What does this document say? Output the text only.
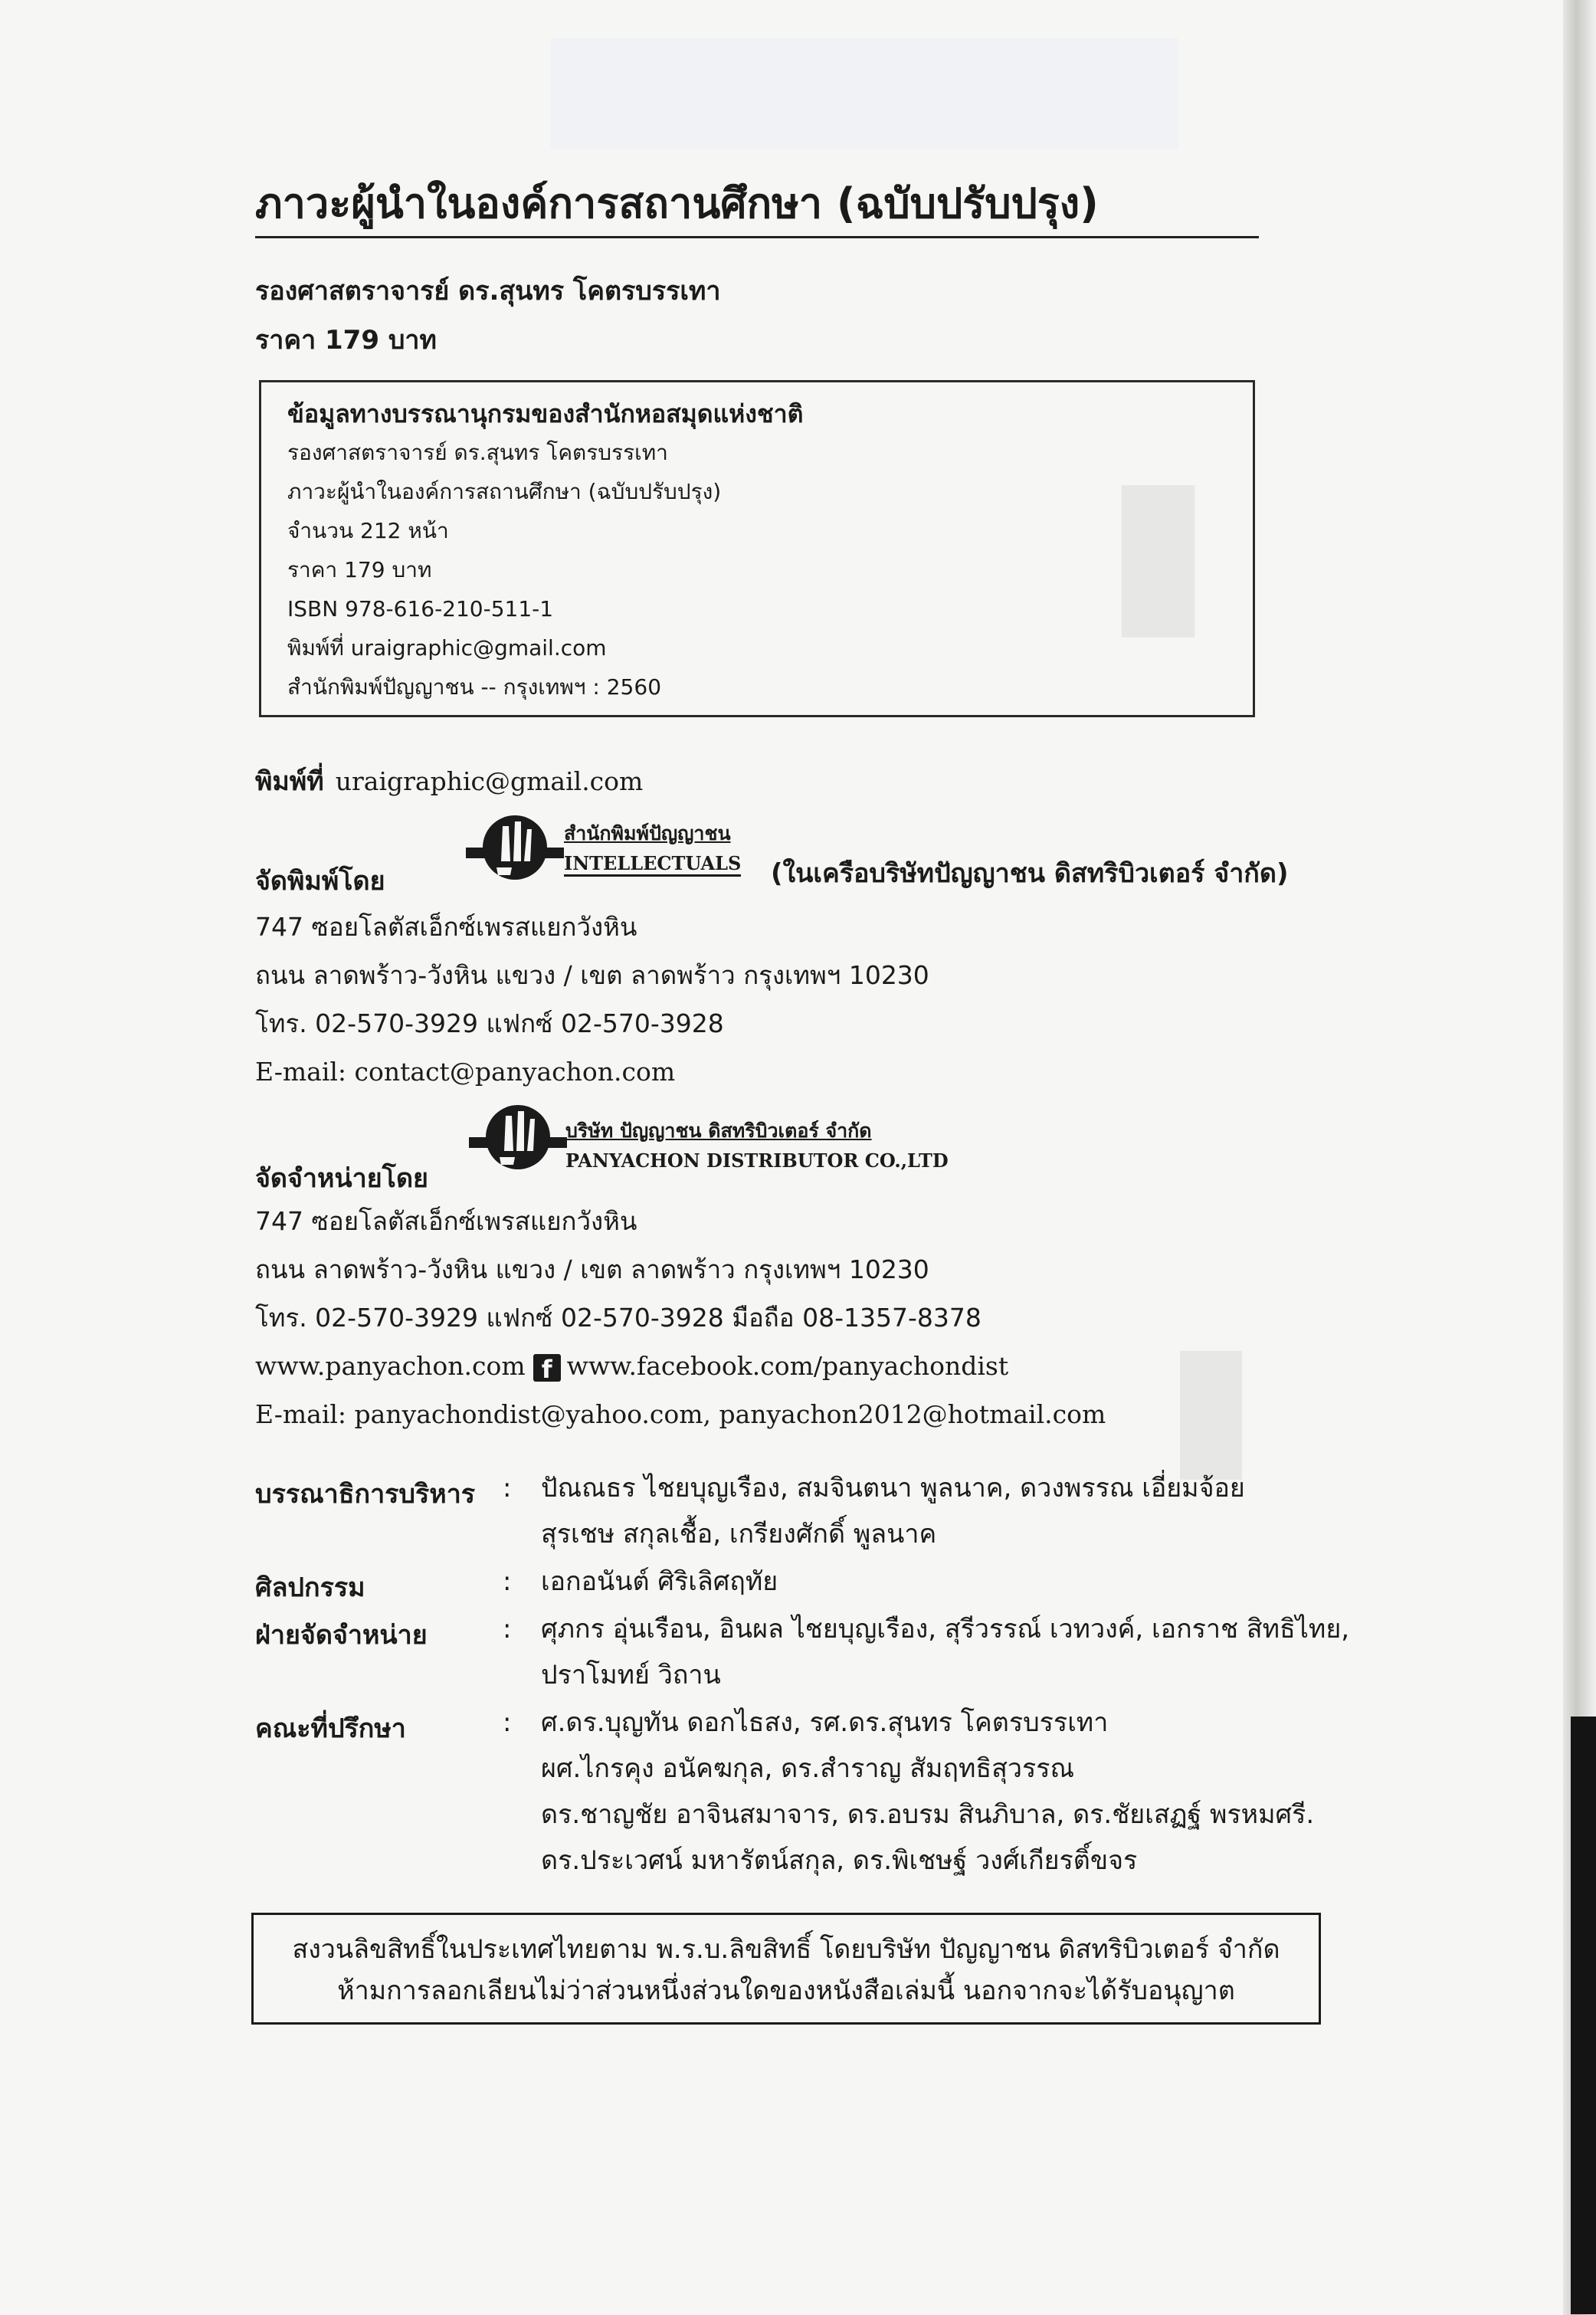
▮
▮
ภาวะผู้นำในองค์การสถานศึกษา (ฉบับปรับปรุง)
รองศาสตราจารย์ ดร.สุนทร โคตรบรรเทา
ราคา 179 บาท
ข้อมูลทางบรรณานุกรมของสำนักหอสมุดแห่งชาติ
รองศาสตราจารย์ ดร.สุนทร โคตรบรรเทา
ภาวะผู้นำในองค์การสถานศึกษา (ฉบับปรับปรุง)
จำนวน 212 หน้า
ราคา 179 บาท
ISBN 978-616-210-511-1
พิมพ์ที่ uraigraphic@gmail.com
สำนักพิมพ์ปัญญาชน -- กรุงเทพฯ : 2560
พิมพ์ที่ uraigraphic@gmail.com
จัดพิมพ์โดย
สำนักพิมพ์ปัญญาชน
INTELLECTUALS (ในเครือบริษัทปัญญาชน ดิสทริบิวเตอร์ จำกัด)
747 ซอยโลตัสเอ็กซ์เพรสแยกวังหิน
ถนน ลาดพร้าว-วังหิน แขวง / เขต ลาดพร้าว กรุงเทพฯ 10230
โทร. 02-570-3929 แฟกซ์ 02-570-3928
E-mail: contact@panyachon.com
จัดจำหน่ายโดย
บริษัท ปัญญาชน ดิสทริบิวเตอร์ จำกัด
PANYACHON DISTRIBUTOR CO.,LTD
747 ซอยโลตัสเอ็กซ์เพรสแยกวังหิน
ถนน ลาดพร้าว-วังหิน แขวง / เขต ลาดพร้าว กรุงเทพฯ 10230
โทร. 02-570-3929 แฟกซ์ 02-570-3928 มือถือ 08-1357-8378
www.panyachon.com f www.facebook.com/panyachondist
E-mail: panyachondist@yahoo.com, panyachon2012@hotmail.com
บรรณาธิการบริหาร : ปัณณธร ไชยบุญเรือง, สมจินตนา พูลนาค, ดวงพรรณ เอี่ยมจ้อย
สุรเชษ สกุลเชื้อ, เกรียงศักดิ์ พูลนาค
ศิลปกรรม	: เอกอนันต์ ศิริเลิศฤทัย
ฝ่ายจัดจำหน่าย	: ศุภกร อุ่นเรือน, อินผล ไชยบุญเรือง, สุรีวรรณ์ เวทวงค์, เอกราช สิทธิไทย,
ปราโมทย์ วิถาน
คณะที่ปรึกษา	: ศ.ดร.บุญทัน ดอกไธสง, รศ.ดร.สุนทร โคตรบรรเทา
ผศ.ไกรคุง อนัคฆกุล, ดร.สำราญ สัมฤทธิสุวรรณ
ดร.ชาญชัย อาจินสมาจาร, ดร.อบรม สินภิบาล, ดร.ชัยเสฏฐ์ พรหมศรี.
ดร.ประเวศน์ มหารัตน์สกุล, ดร.พิเชษฐ์ วงศ์เกียรติ์ขจร
สงวนลิขสิทธิ์ในประเทศไทยตาม พ.ร.บ.ลิขสิทธิ์ โดยบริษัท ปัญญาชน ดิสทริบิวเตอร์ จำกัด
ห้ามการลอกเลียนไม่ว่าส่วนหนึ่งส่วนใดของหนังสือเล่มนี้ นอกจากจะได้รับอนุญาต
